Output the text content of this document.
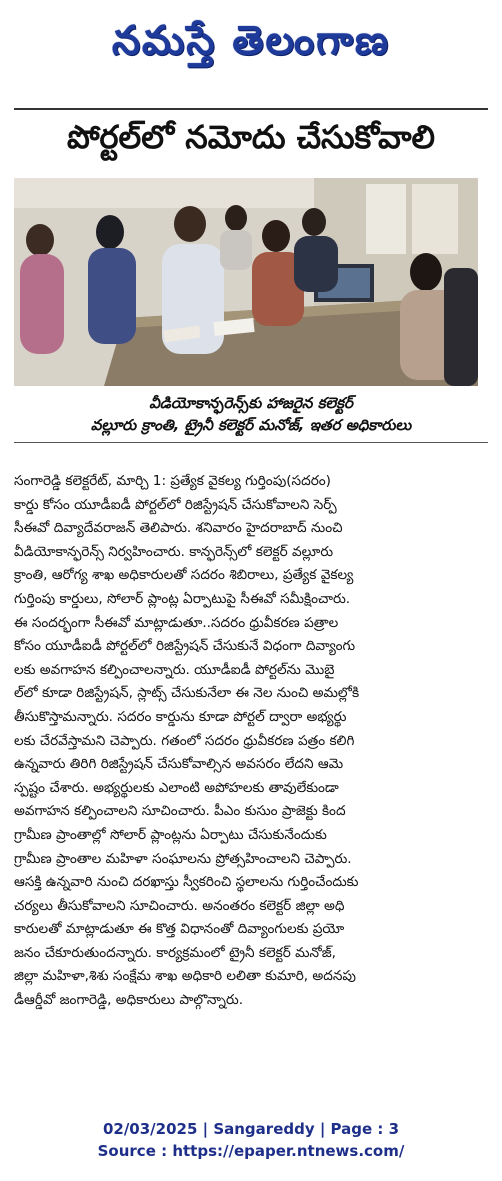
నమస్తే తెలంగాణ
పోర్టల్‌లో నమోదు చేసుకోవాలి
వీడియోకాన్ఫరెన్స్‌కు హాజరైన కలెక్టర్
వల్లూరు క్రాంతి, ట్రైనీ కలెక్టర్ మనోజ్, ఇతర అధికారులు
సంగారెడ్డి కలెక్టరేట్, మార్చి 1: ప్రత్యేక వైకల్య గుర్తింపు(సదరం)
కార్డు కోసం యూడీఐడీ పోర్టల్‌లో రిజిస్ట్రేషన్ చేసుకోవాలని సెర్ప్
సీఈవో దివ్యాదేవరాజన్ తెలిపారు. శనివారం హైదరాబాద్ నుంచి
వీడియోకాన్ఫరెన్స్ నిర్వహించారు. కాన్ఫరెన్స్‌లో కలెక్టర్ వల్లూరు
క్రాంతి, ఆరోగ్య శాఖ అధికారులతో సదరం శిబిరాలు, ప్రత్యేక వైకల్య
గుర్తింపు కార్డులు, సోలార్ ప్లాంట్ల ఏర్పాటుపై సీఈవో సమీక్షించారు.
ఈ సందర్భంగా సీఈవో మాట్లాడుతూ..సదరం ధ్రువీకరణ పత్రాల
కోసం యూడీఐడీ పోర్టల్‌లో రిజిస్ట్రేషన్ చేసుకునే విధంగా దివ్యాంగు
లకు అవగాహన కల్పించాలన్నారు. యూడీఐడీ పోర్టల్‌ను మొబై
ల్‌లో కూడా రిజిస్ట్రేషన్, స్లాట్స్ చేసుకునేలా ఈ నెల నుంచి అమల్లోకి
తీసుకొస్తామన్నారు. సదరం కార్డును కూడా పోర్టల్ ద్వారా అభ్యర్థు
లకు చేరవేస్తామని చెప్పారు. గతంలో సదరం ధ్రువీకరణ పత్రం కలిగి
ఉన్నవారు తిరిగి రిజిస్ట్రేషన్ చేసుకోవాల్సిన అవసరం లేదని ఆమె
స్పష్టం చేశారు. అభ్యర్థులకు ఎలాంటి అపోహలకు తావులేకుండా
అవగాహన కల్పించాలని సూచించారు. పీఎం కుసుం ప్రాజెక్టు కింద
గ్రామీణ ప్రాంతాల్లో సోలార్ ప్లాంట్లను ఏర్పాటు చేసుకునేందుకు
గ్రామీణ ప్రాంతాల మహిళా సంఘాలను ప్రోత్సహించాలని చెప్పారు.
ఆసక్తి ఉన్నవారి నుంచి దరఖాస్తు స్వీకరించి స్థలాలను గుర్తించేందుకు
చర్యలు తీసుకోవాలని సూచించారు. అనంతరం కలెక్టర్ జిల్లా అధి
కారులతో మాట్లాడుతూ ఈ కొత్త విధానంతో దివ్యాంగులకు ప్రయో
జనం చేకూరుతుందన్నారు. కార్యక్రమంలో ట్రైనీ కలెక్టర్ మనోజ్,
జిల్లా మహిళా,శిశు సంక్షేమ శాఖ అధికారి లలితా కుమారి, అదనపు
డీఆర్డీవో జంగారెడ్డి, అధికారులు పాల్గొన్నారు.
02/03/2025 | Sangareddy | Page : 3
Source : https://epaper.ntnews.com/
